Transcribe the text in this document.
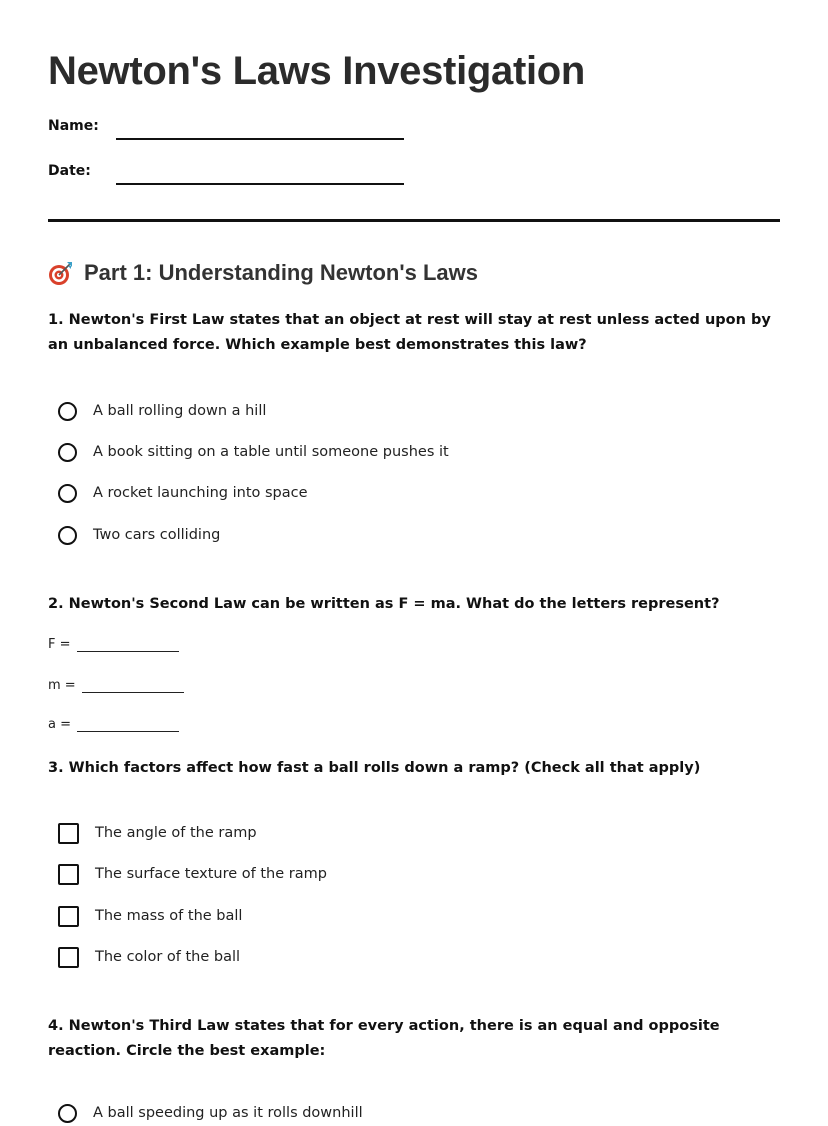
Newton's Laws Investigation
Name:
Date:
Part 1: Understanding Newton's Laws

1. Newton's First Law states that an object at rest will stay at rest unless acted upon by an unbalanced force. Which example best demonstrates this law?

A ball rolling down a hill
A book sitting on a table until someone pushes it
A rocket launching into space
Two cars colliding

2. Newton's Second Law can be written as F = ma. What do the letters represent?

F =
m =
a =

3. Which factors affect how fast a ball rolls down a ramp? (Check all that apply)

The angle of the ramp
The surface texture of the ramp
The mass of the ball
The color of the ball

4. Newton's Third Law states that for every action, there is an equal and opposite reaction. Circle the best example:

A ball speeding up as it rolls downhill
